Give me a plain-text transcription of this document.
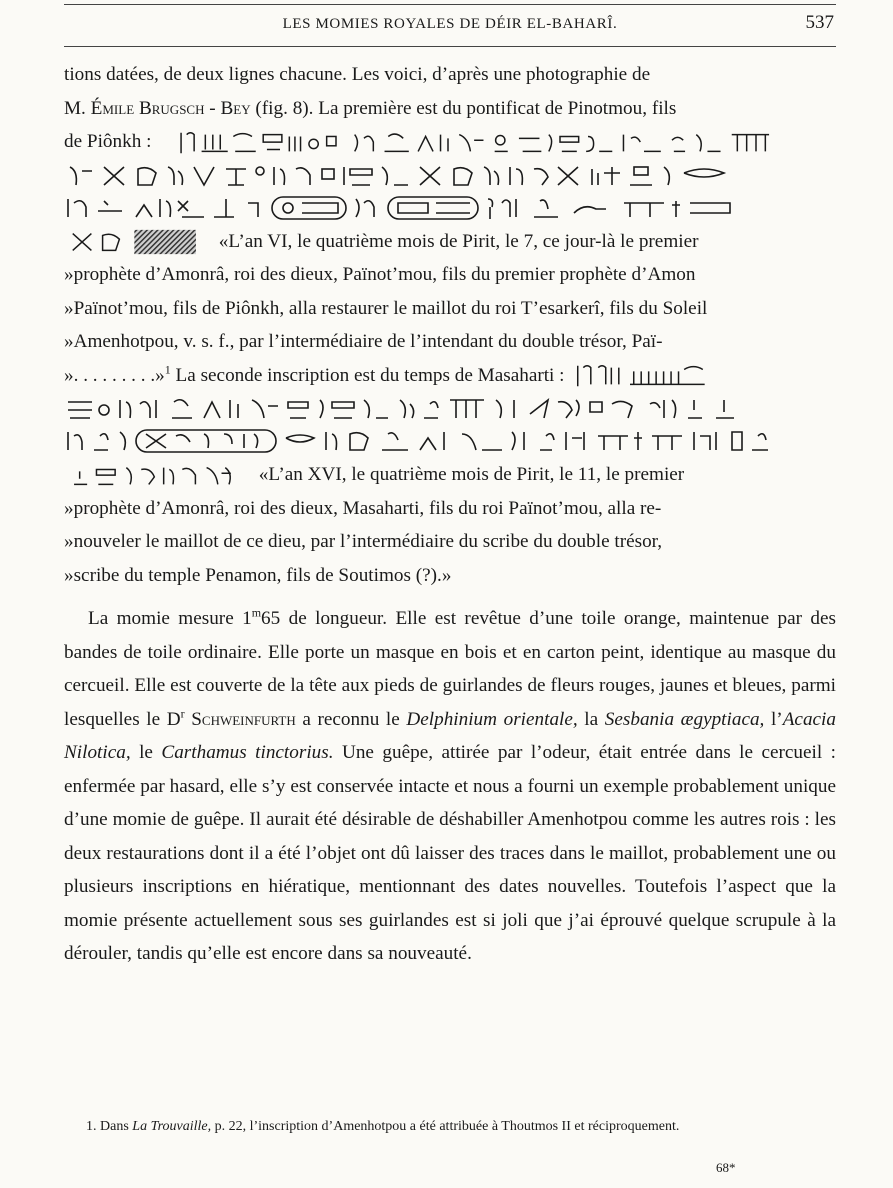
LES MOMIES ROYALES DE DÉIR EL-BAHARÎ.	537

tions datées, de deux lignes chacune. Les voici, d’après une photographie de
M. Émile Brugsch - Bey (fig. 8). La première est du pontificat de Pinotmou, fils
de Piônkh :

«L’an VI, le quatrième mois de Pirit, le 7, ce jour-là le premier
»prophète d’Amonrâ, roi des dieux, Païnot’mou, fils du premier prophète d’Amon
»Païnot’mou, fils de Piônkh, alla restaurer le maillot du roi T’esarkerî, fils du Soleil
»Amenhotpou, v. s. f., par l’intermédiaire de l’intendant du double trésor, Paï-
». . . . . . . . .»$^1$ La seconde inscription est du temps de Masaharti :

«L’an XVI, le quatrième mois de Pirit, le 11, le premier
»prophète d’Amonrâ, roi des dieux, Masaharti, fils du roi Païnot’mou, alla re-
»nouveler le maillot de ce dieu, par l’intermédiaire du scribe du double trésor,
»scribe du temple Penamon, fils de Soutimos (?).»

La momie mesure 1$^m$65 de longueur. Elle est revêtue d’une toile orange, maintenue par des bandes de toile ordinaire. Elle porte un masque en bois et en carton peint, identique au masque du cercueil. Elle est couverte de la tête aux pieds de guirlandes de fleurs rouges, jaunes et bleues, parmi lesquelles le $D^r$ Schweinfurth a reconnu le Delphinium orientale, la Sesbania ægyptiaca, l’Acacia Nilotica, le Carthamus tinctorius. Une guêpe, attirée par l’odeur, était entrée dans le cercueil : enfermée par hasard, elle s’y est conservée intacte et nous a fourni un exemple probablement unique d’une momie de guêpe. Il aurait été désirable de déshabiller Amenhotpou comme les autres rois : les deux restaurations dont il a été l’objet ont dû laisser des traces dans le maillot, probablement une ou plusieurs inscriptions en hiératique, mentionnant des dates nouvelles. Toutefois l’aspect que la momie présente actuellement sous ses guirlandes est si joli que j’ai éprouvé quelque scrupule à la dérouler, tandis qu’elle est encore dans sa nouveauté.

1. Dans La Trouvaille, p. 22, l’inscription d’Amenhotpou a été attribuée à Thoutmos II et réciproquement.
68*
